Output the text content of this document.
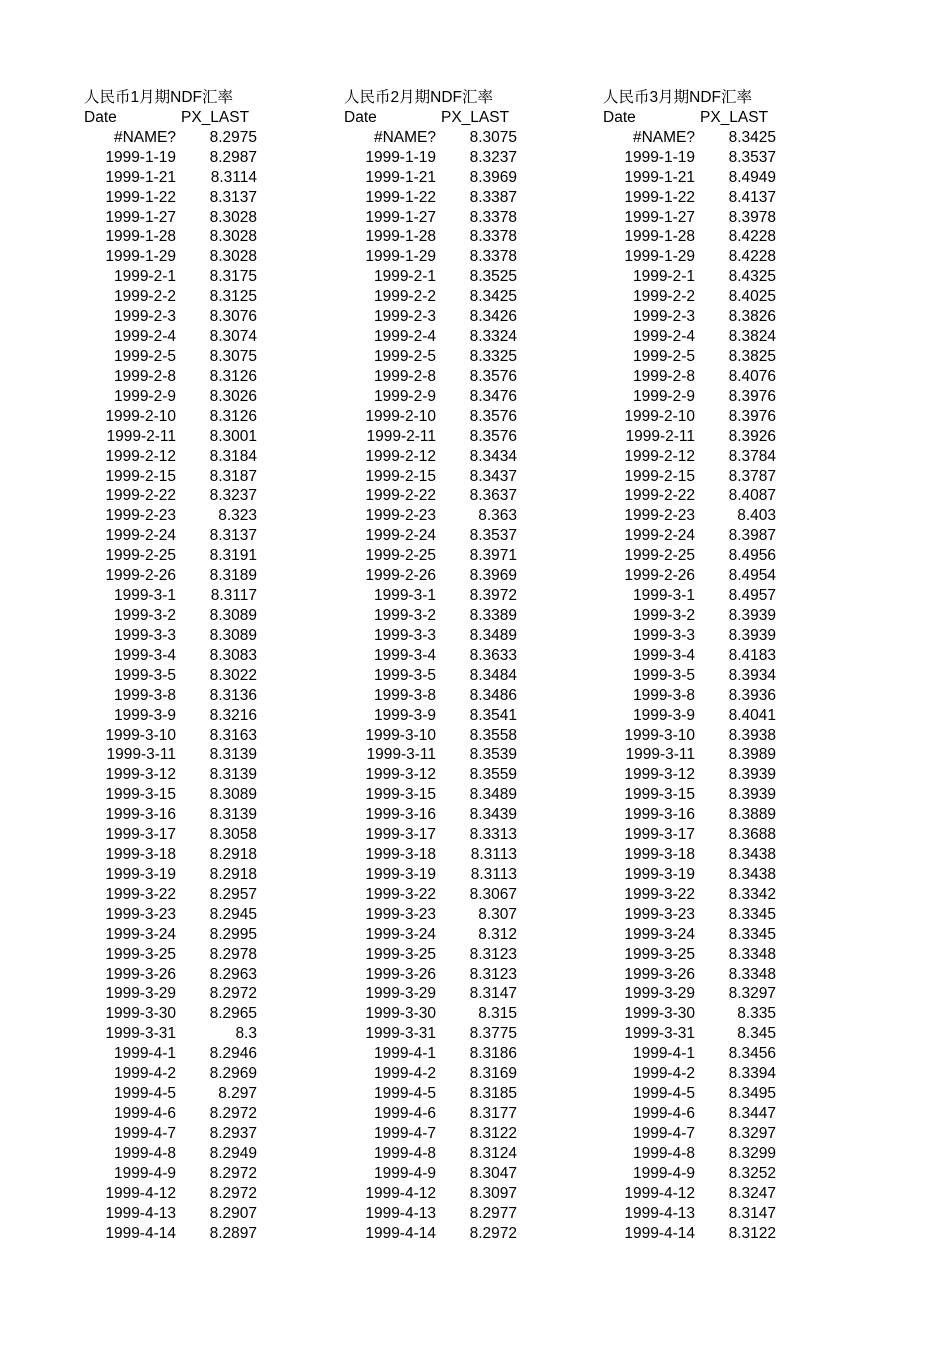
人民币1月期NDF汇率
Date	PX_LAST
#NAME?	8.2975
1999-1-19	8.2987
1999-1-21	8.3114
1999-1-22	8.3137
1999-1-27	8.3028
1999-1-28	8.3028
1999-1-29	8.3028
1999-2-1	8.3175
1999-2-2	8.3125
1999-2-3	8.3076
1999-2-4	8.3074
1999-2-5	8.3075
1999-2-8	8.3126
1999-2-9	8.3026
1999-2-10	8.3126
1999-2-11	8.3001
1999-2-12	8.3184
1999-2-15	8.3187
1999-2-22	8.3237
1999-2-23	8.323
1999-2-24	8.3137
1999-2-25	8.3191
1999-2-26	8.3189
1999-3-1	8.3117
1999-3-2	8.3089
1999-3-3	8.3089
1999-3-4	8.3083
1999-3-5	8.3022
1999-3-8	8.3136
1999-3-9	8.3216
1999-3-10	8.3163
1999-3-11	8.3139
1999-3-12	8.3139
1999-3-15	8.3089
1999-3-16	8.3139
1999-3-17	8.3058
1999-3-18	8.2918
1999-3-19	8.2918
1999-3-22	8.2957
1999-3-23	8.2945
1999-3-24	8.2995
1999-3-25	8.2978
1999-3-26	8.2963
1999-3-29	8.2972
1999-3-30	8.2965
1999-3-31	8.3
1999-4-1	8.2946
1999-4-2	8.2969
1999-4-5	8.297
1999-4-6	8.2972
1999-4-7	8.2937
1999-4-8	8.2949
1999-4-9	8.2972
1999-4-12	8.2972
1999-4-13	8.2907
1999-4-14	8.2897
人民币2月期NDF汇率
Date	PX_LAST
#NAME?	8.3075
1999-1-19	8.3237
1999-1-21	8.3969
1999-1-22	8.3387
1999-1-27	8.3378
1999-1-28	8.3378
1999-1-29	8.3378
1999-2-1	8.3525
1999-2-2	8.3425
1999-2-3	8.3426
1999-2-4	8.3324
1999-2-5	8.3325
1999-2-8	8.3576
1999-2-9	8.3476
1999-2-10	8.3576
1999-2-11	8.3576
1999-2-12	8.3434
1999-2-15	8.3437
1999-2-22	8.3637
1999-2-23	8.363
1999-2-24	8.3537
1999-2-25	8.3971
1999-2-26	8.3969
1999-3-1	8.3972
1999-3-2	8.3389
1999-3-3	8.3489
1999-3-4	8.3633
1999-3-5	8.3484
1999-3-8	8.3486
1999-3-9	8.3541
1999-3-10	8.3558
1999-3-11	8.3539
1999-3-12	8.3559
1999-3-15	8.3489
1999-3-16	8.3439
1999-3-17	8.3313
1999-3-18	8.3113
1999-3-19	8.3113
1999-3-22	8.3067
1999-3-23	8.307
1999-3-24	8.312
1999-3-25	8.3123
1999-3-26	8.3123
1999-3-29	8.3147
1999-3-30	8.315
1999-3-31	8.3775
1999-4-1	8.3186
1999-4-2	8.3169
1999-4-5	8.3185
1999-4-6	8.3177
1999-4-7	8.3122
1999-4-8	8.3124
1999-4-9	8.3047
1999-4-12	8.3097
1999-4-13	8.2977
1999-4-14	8.2972
人民币3月期NDF汇率
Date	PX_LAST
#NAME?	8.3425
1999-1-19	8.3537
1999-1-21	8.4949
1999-1-22	8.4137
1999-1-27	8.3978
1999-1-28	8.4228
1999-1-29	8.4228
1999-2-1	8.4325
1999-2-2	8.4025
1999-2-3	8.3826
1999-2-4	8.3824
1999-2-5	8.3825
1999-2-8	8.4076
1999-2-9	8.3976
1999-2-10	8.3976
1999-2-11	8.3926
1999-2-12	8.3784
1999-2-15	8.3787
1999-2-22	8.4087
1999-2-23	8.403
1999-2-24	8.3987
1999-2-25	8.4956
1999-2-26	8.4954
1999-3-1	8.4957
1999-3-2	8.3939
1999-3-3	8.3939
1999-3-4	8.4183
1999-3-5	8.3934
1999-3-8	8.3936
1999-3-9	8.4041
1999-3-10	8.3938
1999-3-11	8.3989
1999-3-12	8.3939
1999-3-15	8.3939
1999-3-16	8.3889
1999-3-17	8.3688
1999-3-18	8.3438
1999-3-19	8.3438
1999-3-22	8.3342
1999-3-23	8.3345
1999-3-24	8.3345
1999-3-25	8.3348
1999-3-26	8.3348
1999-3-29	8.3297
1999-3-30	8.335
1999-3-31	8.345
1999-4-1	8.3456
1999-4-2	8.3394
1999-4-5	8.3495
1999-4-6	8.3447
1999-4-7	8.3297
1999-4-8	8.3299
1999-4-9	8.3252
1999-4-12	8.3247
1999-4-13	8.3147
1999-4-14	8.3122
